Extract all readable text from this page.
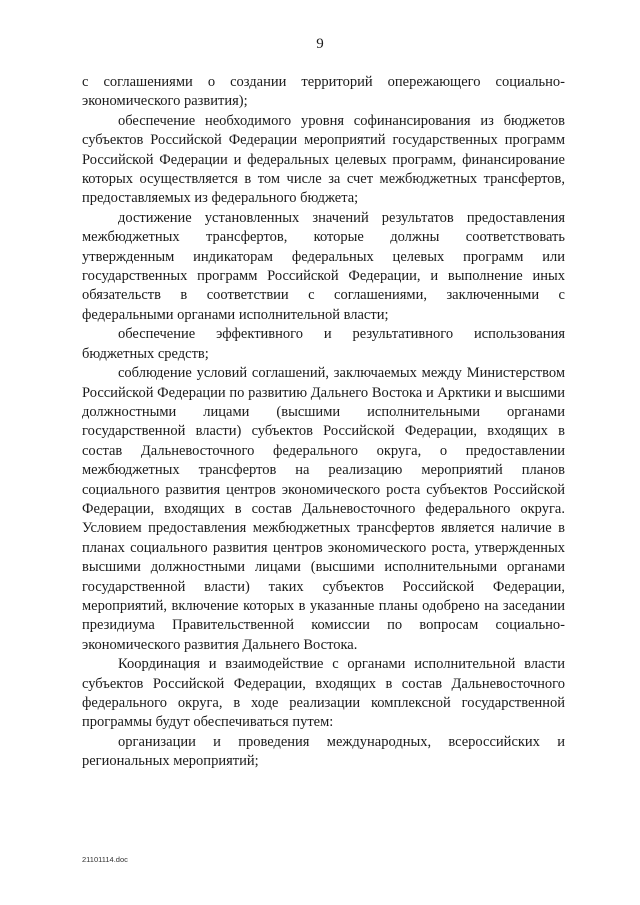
9

с соглашениями о создании территорий опережающего социально-экономического развития);

обеспечение необходимого уровня софинансирования из бюджетов субъектов Российской Федерации мероприятий государственных программ Российской Федерации и федеральных целевых программ, финансирование которых осуществляется в том числе за счет межбюджетных трансфертов, предоставляемых из федерального бюджета;

достижение установленных значений результатов предоставления межбюджетных трансфертов, которые должны соответствовать утвержденным индикаторам федеральных целевых программ или государственных программ Российской Федерации, и выполнение иных обязательств в соответствии с соглашениями, заключенными с федеральными органами исполнительной власти;

обеспечение эффективного и результативного использования бюджетных средств;

соблюдение условий соглашений, заключаемых между Министерством Российской Федерации по развитию Дальнего Востока и Арктики и высшими должностными лицами (высшими исполнительными органами государственной власти) субъектов Российской Федерации, входящих в состав Дальневосточного федерального округа, о предоставлении межбюджетных трансфертов на реализацию мероприятий планов социального развития центров экономического роста субъектов Российской Федерации, входящих в состав Дальневосточного федерального округа. Условием предоставления межбюджетных трансфертов является наличие в планах социального развития центров экономического роста, утвержденных высшими должностными лицами (высшими исполнительными органами государственной власти) таких субъектов Российской Федерации, мероприятий, включение которых в указанные планы одобрено на заседании президиума Правительственной комиссии по вопросам социально-экономического развития Дальнего Востока.

Координация и взаимодействие с органами исполнительной власти субъектов Российской Федерации, входящих в состав Дальневосточного федерального округа, в ходе реализации комплексной государственной программы будут обеспечиваться путем:

организации и проведения международных, всероссийских и региональных мероприятий;

21101114.doc
